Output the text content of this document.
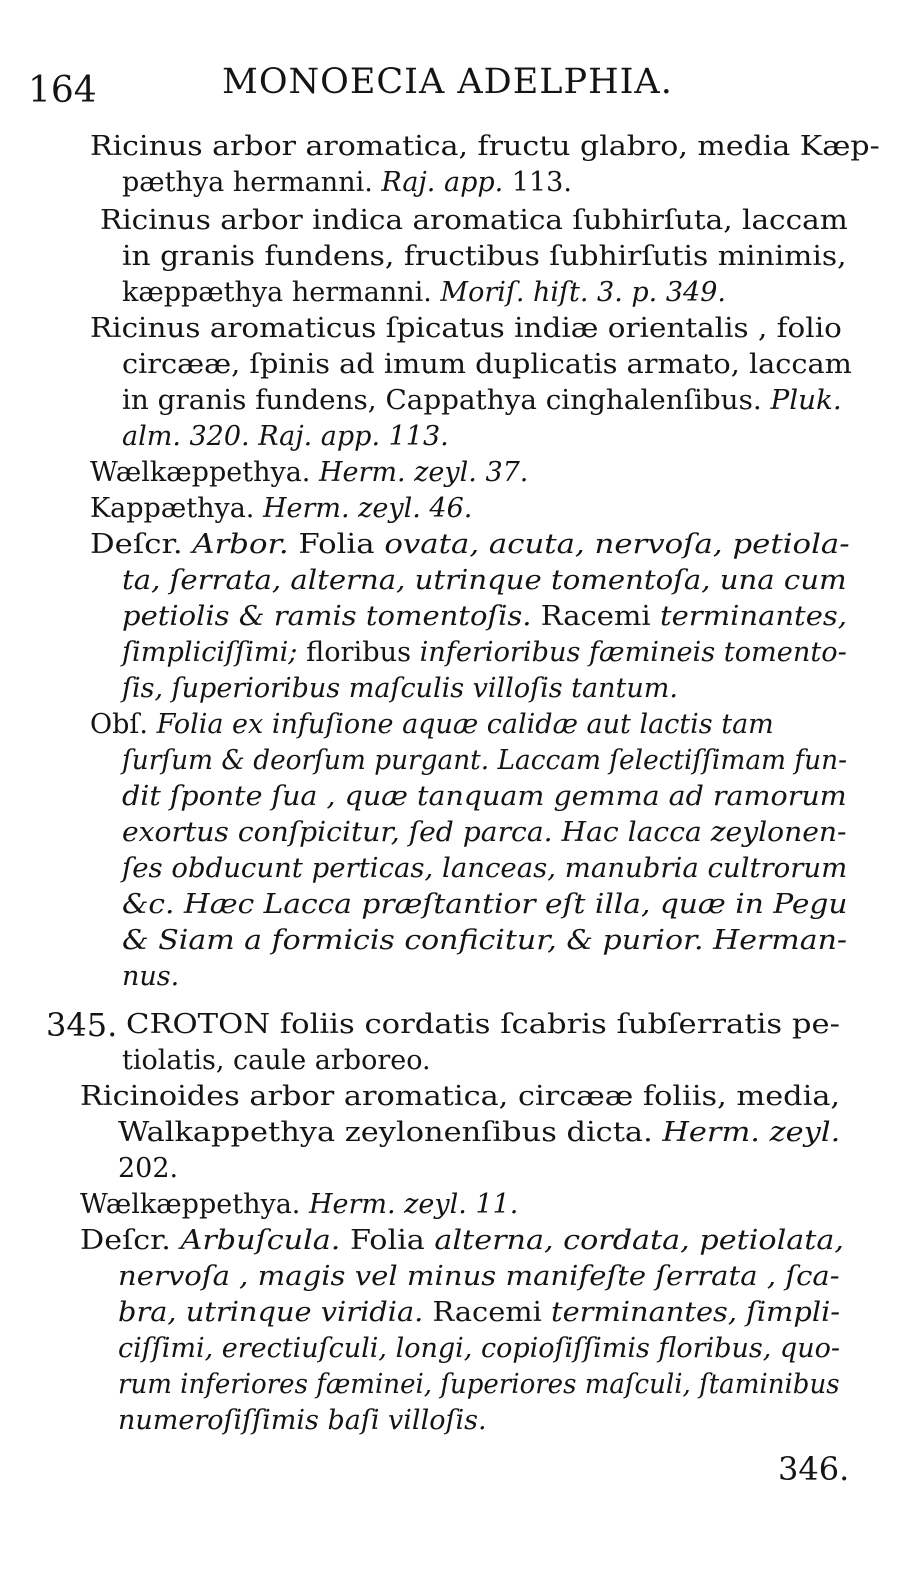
164	MONOECIA ADELPHIA.
Ricinus arbor aromatica, fructu glabro, media Kæp-
pæthya hermanni. Raj. app. 113.
Ricinus arbor indica aromatica ſubhirſuta, laccam
in granis fundens, fructibus ſubhirſutis minimis,
kæppæthya hermanni. Moriſ. hiſt. 3. p. 349.
Ricinus aromaticus ſpicatus indiæ orientalis , folio
circææ, ſpinis ad imum duplicatis armato, laccam
in granis fundens, Cappathya cinghalenſibus. Pluk.
alm. 320. Raj. app. 113.
Wælkæppethya. Herm. zeyl. 37.
Kappæthya. Herm. zeyl. 46.
Deſcr. Arbor. Folia ovata, acuta, nervoſa, petiola-
ta, ſerrata, alterna, utrinque tomentoſa, una cum
petiolis & ramis tomentoſis. Racemi terminantes,
ſimpliciſſimi; floribus inferioribus fæmineis tomento-
ſis, ſuperioribus maſculis villoſis tantum.
Obſ. Folia ex infuſione aquæ calidæ aut lactis tam
ſurſum & deorſum purgant. Laccam ſelectiſſimam fun-
dit ſponte ſua , quæ tanquam gemma ad ramorum
exortus conſpicitur, ſed parca. Hac lacca zeylonen-
ſes obducunt perticas, lanceas, manubria cultrorum
&c. Hæc Lacca præſtantior eſt illa, quæ in Pegu
& Siam a formicis conficitur, & purior. Herman-
nus.
CROTON foliis cordatis ſcabris ſubſerratis pe-
tiolatis, caule arboreo.
Ricinoides arbor aromatica, circææ foliis, media,
Walkappethya zeylonenſibus dicta. Herm. zeyl.
202.
Wælkæppethya. Herm. zeyl. 11.
Deſcr. Arbuſcula. Folia alterna, cordata, petiolata,
nervoſa , magis vel minus manifeſte ſerrata , ſca-
bra, utrinque viridia. Racemi terminantes, ſimpli-
ciſſimi, erectiuſculi, longi, copioſiſſimis floribus, quo-
rum inferiores fæminei, ſuperiores maſculi, ſtaminibus
numeroſiſſimis baſi villoſis.
345.
346.
